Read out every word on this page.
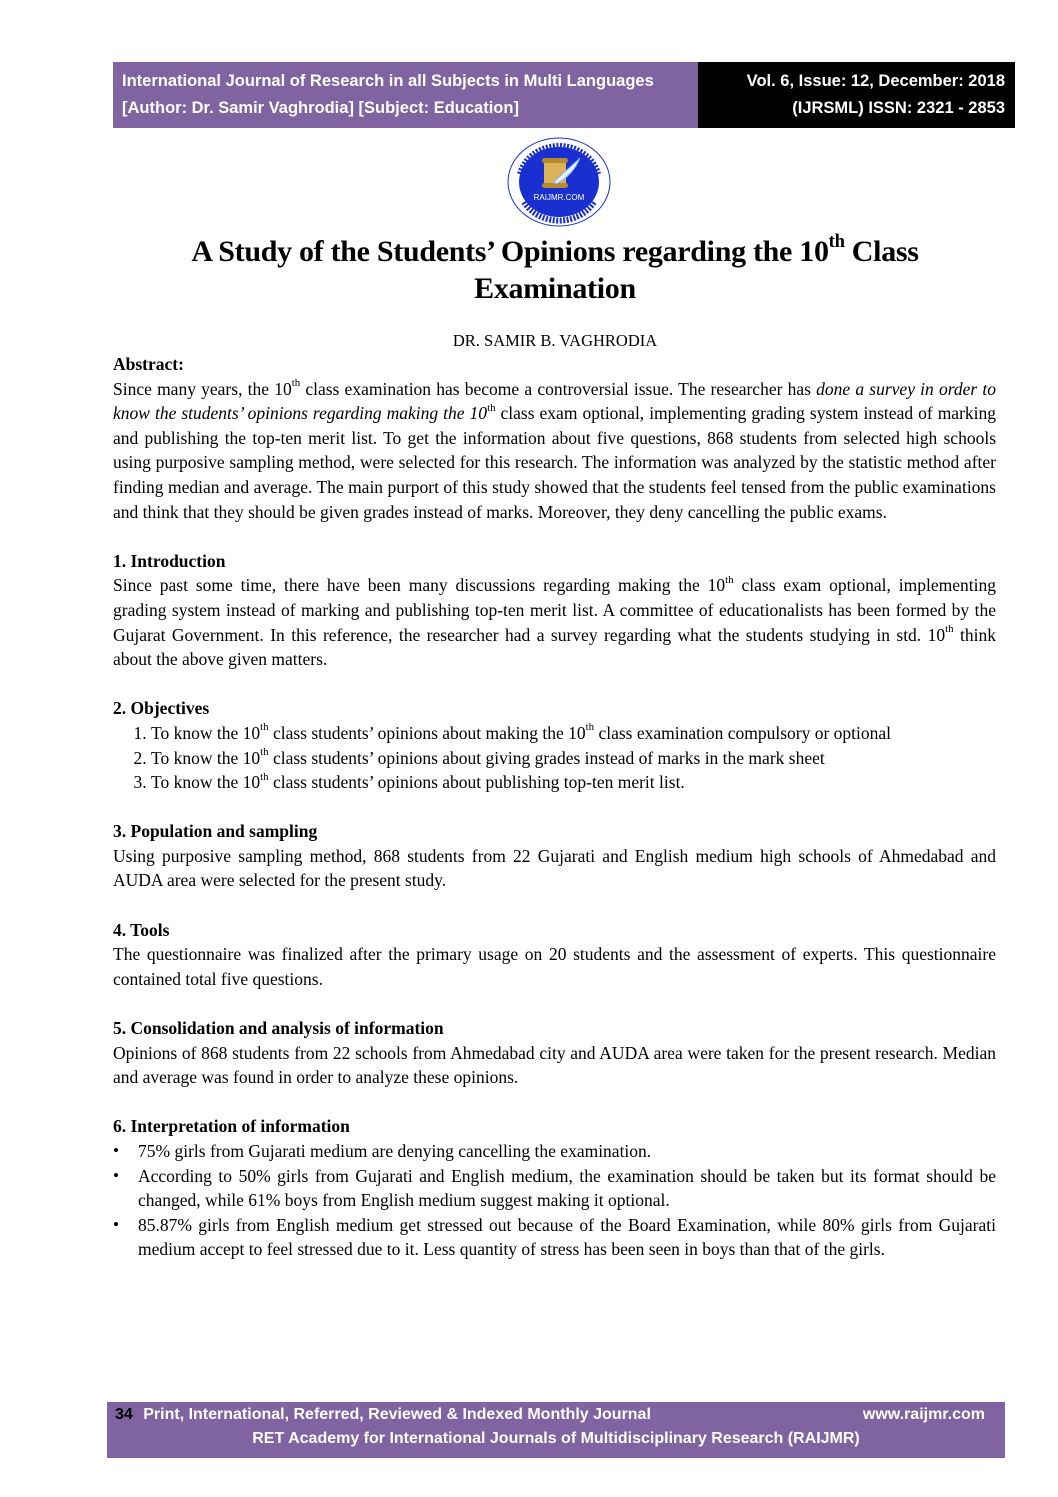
International Journal of Research in all Subjects in Multi Languages
[Author: Dr. Samir Vaghrodia] [Subject: Education]
Vol. 6, Issue: 12, December: 2018
(IJRSML) ISSN: 2321 - 2853
RAIJMR.COM
A Study of the Students’ Opinions regarding the 10th Class
Examination
DR. SAMIR B. VAGHRODIA

Abstract:

Since many years, the 10th class examination has become a controversial issue. The researcher has done a survey in order to know the students’ opinions regarding making the 10th class exam optional, implementing grading system instead of marking and publishing the top-ten merit list. To get the information about five questions, 868 students from selected high schools using purposive sampling method, were selected for this research. The information was analyzed by the statistic method after finding median and average. The main purport of this study showed that the students feel tensed from the public examinations and think that they should be given grades instead of marks. Moreover, they deny cancelling the public exams.

1. Introduction

Since past some time, there have been many discussions regarding making the 10th class exam optional, implementing grading system instead of marking and publishing top-ten merit list. A committee of educationalists has been formed by the Gujarat Government. In this reference, the researcher had a survey regarding what the students studying in std. 10th think about the above given matters.

2. Objectives

1. To know the 10th class students’ opinions about making the 10th class examination compulsory or optional
2. To know the 10th class students’ opinions about giving grades instead of marks in the mark sheet
3. To know the 10th class students’ opinions about publishing top-ten merit list.

3. Population and sampling

Using purposive sampling method, 868 students from 22 Gujarati and English medium high schools of Ahmedabad and AUDA area were selected for the present study.

4. Tools

The questionnaire was finalized after the primary usage on 20 students and the assessment of experts. This questionnaire contained total five questions.

5. Consolidation and analysis of information

Opinions of 868 students from 22 schools from Ahmedabad city and AUDA area were taken for the present research. Median and average was found in order to analyze these opinions.

6. Interpretation of information

• 75% girls from Gujarati medium are denying cancelling the examination.
• According to 50% girls from Gujarati and English medium, the examination should be taken but its format should be changed, while 61% boys from English medium suggest making it optional.
• 85.87% girls from English medium get stressed out because of the Board Examination, while 80% girls from Gujarati medium accept to feel stressed due to it. Less quantity of stress has been seen in boys than that of the girls.
34 Print, International, Referred, Reviewed & Indexed Monthly Journal	www.raijmr.com
RET Academy for International Journals of Multidisciplinary Research (RAIJMR)
